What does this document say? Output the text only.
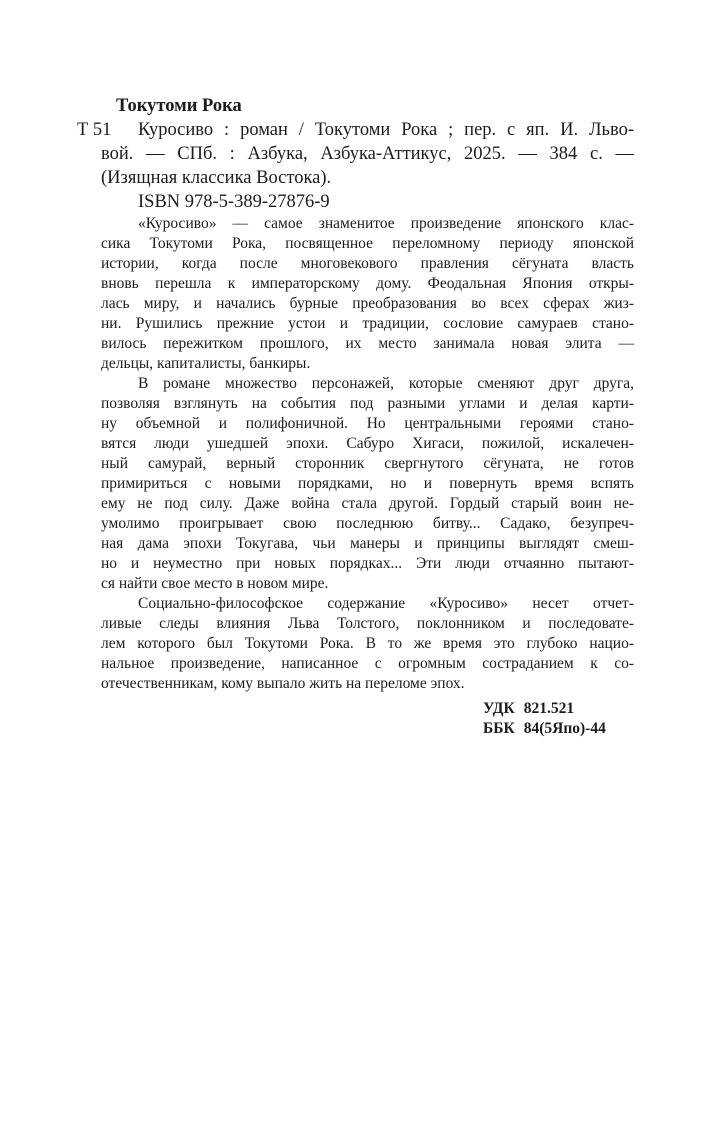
Токутоми Рока
Т 51	Куросиво : роман / Токутоми Рока ; пер. с яп. И. Льво-
вой. — СПб. : Азбука, Азбука-Аттикус, 2025. — 384 с. —
(Изящная классика Востока).
ISBN 978-5-389-27876-9
«Куросиво» — самое знаменитое произведение японского клас-
сика Токутоми Рока, посвященное переломному периоду японской
истории, когда после многовекового правления сёгуната власть
вновь перешла к императорскому дому. Феодальная Япония откры-
лась миру, и начались бурные преобразования во всех сферах жиз-
ни. Рушились прежние устои и традиции, сословие самураев стано-
вилось пережитком прошлого, их место занимала новая элита —
дельцы, капиталисты, банкиры.
В романе множество персонажей, которые сменяют друг друга,
позволяя взглянуть на события под разными углами и делая карти-
ну объемной и полифоничной. Но центральными героями стано-
вятся люди ушедшей эпохи. Сабуро Хигаси, пожилой, искалечен-
ный самурай, верный сторонник свергнутого сёгуната, не готов
примириться с новыми порядками, но и повернуть время вспять
ему не под силу. Даже война стала другой. Гордый старый воин не-
умолимо проигрывает свою последнюю битву... Садако, безупреч-
ная дама эпохи Токугава, чьи манеры и принципы выглядят смеш-
но и неуместно при новых порядках... Эти люди отчаянно пытают-
ся найти свое место в новом мире.
Социально-философское содержание «Куросиво» несет отчет-
ливые следы влияния Льва Толстого, поклонником и последовате-
лем которого был Токутоми Рока. В то же время это глубоко нацио-
нальное произведение, написанное с огромным состраданием к со-
отечественникам, кому выпало жить на переломе эпох.
УДК 821.521
ББК 84(5Япо)-44
